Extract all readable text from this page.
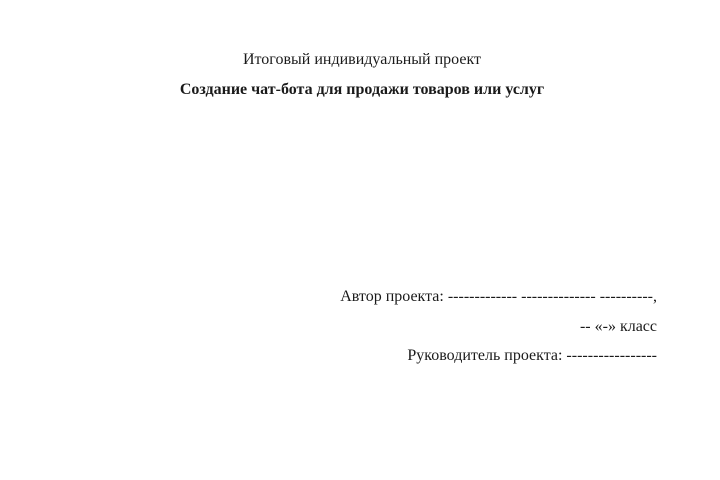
Итоговый индивидуальный проект
Создание чат-бота для продажи товаров или услуг
Автор проекта: ------------- -------------- ----------,
-- «-» класс
Руководитель проекта: -----------------
